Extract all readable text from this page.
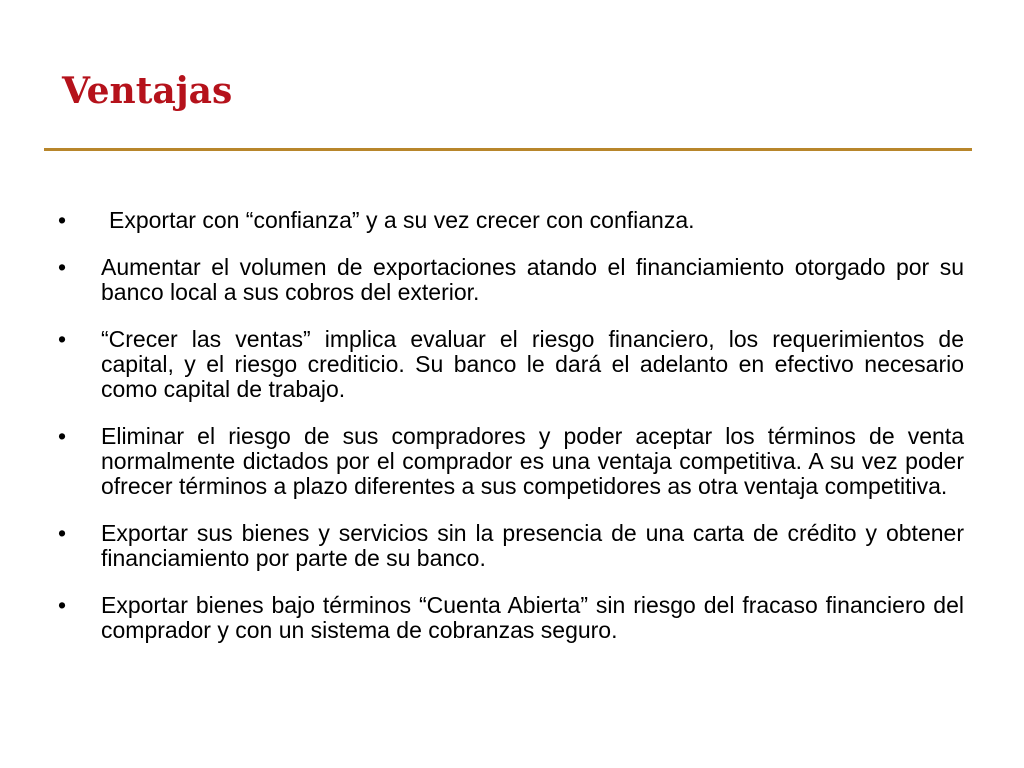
Ventajas
•	Exportar con “confianza” y a su vez crecer con confianza.
• Aumentar el volumen de exportaciones atando el financiamiento otorgado por su banco local a sus cobros del exterior.
• “Crecer las ventas” implica evaluar el riesgo financiero, los requerimientos de capital, y el riesgo crediticio. Su banco le dará el adelanto en efectivo necesario como capital de trabajo.
• Eliminar el riesgo de sus compradores y poder aceptar los términos de venta normalmente dictados por el comprador es una ventaja competitiva. A su vez poder ofrecer términos a plazo diferentes a sus competidores as otra ventaja competitiva.
• Exportar sus bienes y servicios sin la presencia de una carta de crédito y obtener financiamiento por parte de su banco.
• Exportar bienes bajo términos “Cuenta Abierta” sin riesgo del fracaso financiero del comprador y con un sistema de cobranzas seguro.
